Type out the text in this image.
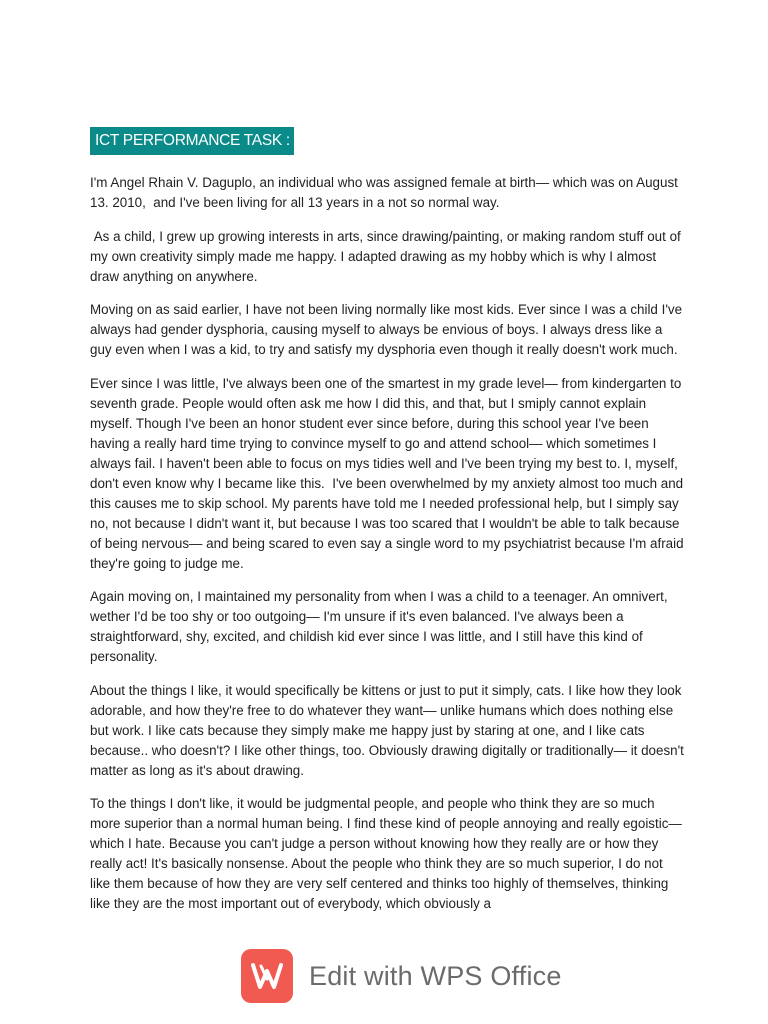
ICT PERFORMANCE TASK :

I'm Angel Rhain V. Daguplo, an individual who was assigned female at birth— which was on August 13. 2010,  and I've been living for all 13 years in a not so normal way.

As a child, I grew up growing interests in arts, since drawing/painting, or making random stuff out of my own creativity simply made me happy. I adapted drawing as my hobby which is why I almost draw anything on anywhere.

Moving on as said earlier, I have not been living normally like most kids. Ever since I was a child I've always had gender dysphoria, causing myself to always be envious of boys. I always dress like a guy even when I was a kid, to try and satisfy my dysphoria even though it really doesn't work much.

Ever since I was little, I've always been one of the smartest in my grade level— from kindergarten to seventh grade. People would often ask me how I did this, and that, but I smiply cannot explain myself. Though I've been an honor student ever since before, during this school year I've been having a really hard time trying to convince myself to go and attend school— which sometimes I always fail. I haven't been able to focus on mys tidies well and I've been trying my best to. I, myself, don't even know why I became like this.  I've been overwhelmed by my anxiety almost too much and this causes me to skip school. My parents have told me I needed professional help, but I simply say no, not because I didn't want it, but because I was too scared that I wouldn't be able to talk because of being nervous— and being scared to even say a single word to my psychiatrist because I'm afraid they're going to judge me.

Again moving on, I maintained my personality from when I was a child to a teenager. An omnivert, wether I'd be too shy or too outgoing— I'm unsure if it's even balanced. I've always been a straightforward, shy, excited, and childish kid ever since I was little, and I still have this kind of personality.

About the things I like, it would specifically be kittens or just to put it simply, cats. I like how they look adorable, and how they're free to do whatever they want— unlike humans which does nothing else but work. I like cats because they simply make me happy just by staring at one, and I like cats because.. who doesn't? I like other things, too. Obviously drawing digitally or traditionally— it doesn't matter as long as it's about drawing.

To the things I don't like, it would be judgmental people, and people who think they are so much more superior than a normal human being. I find these kind of people annoying and really egoistic— which I hate. Because you can't judge a person without knowing how they really are or how they really act! It's basically nonsense. About the people who think they are so much superior, I do not like them because of how they are very self centered and thinks too highly of themselves, thinking like they are the most important out of everybody, which obviously a

Edit with WPS Office
